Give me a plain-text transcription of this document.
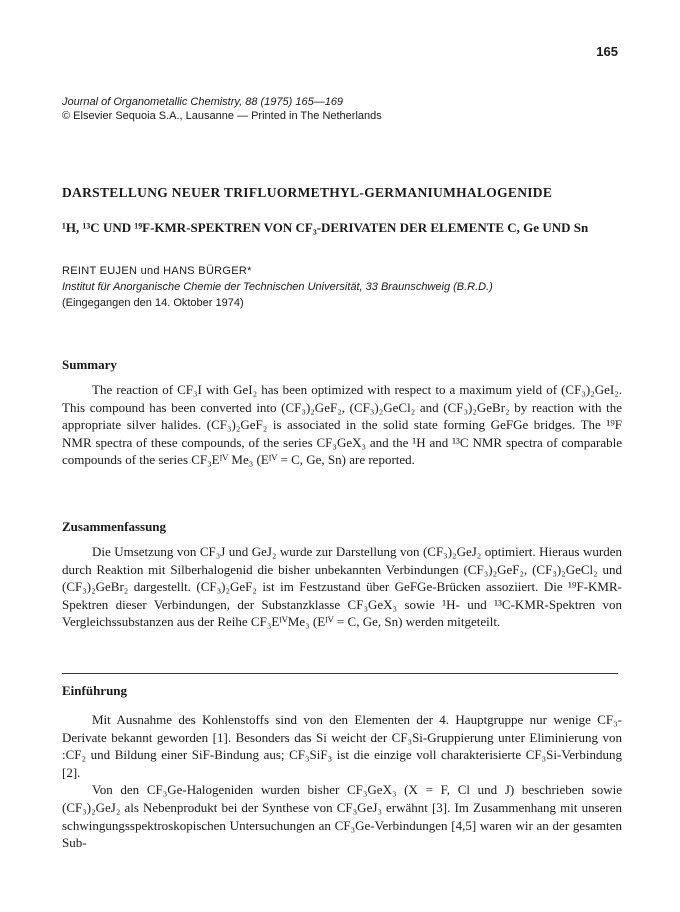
165
Journal of Organometallic Chemistry, 88 (1975) 165—169
© Elsevier Sequoia S.A., Lausanne — Printed in The Netherlands
DARSTELLUNG NEUER TRIFLUORMETHYL-GERMANIUMHALOGENIDE
¹H, ¹³C UND ¹⁹F-KMR-SPEKTREN VON CF₃-DERIVATEN DER ELEMENTE C, Ge UND Sn
REINT EUJEN und HANS BÜRGER*
Institut für Anorganische Chemie der Technischen Universität, 33 Braunschweig (B.R.D.)
(Eingegangen den 14. Oktober 1974)
Summary

The reaction of CF₃I with GeI₂ has been optimized with respect to a maximum yield of (CF₃)₂GeI₂. This compound has been converted into (CF₃)₂GeF₂, (CF₃)₂GeCl₂ and (CF₃)₂GeBr₂ by reaction with the appropriate silver halides. (CF₃)₂GeF₂ is associated in the solid state forming GeFGe bridges. The ¹⁹F NMR spectra of these compounds, of the series CF₃GeX₃ and the ¹H and ¹³C NMR spectra of comparable compounds of the series CF₃Eᴵⱽ Me₃ (Eᴵⱽ = C, Ge, Sn) are reported.

Zusammenfassung

Die Umsetzung von CF₃J und GeJ₂ wurde zur Darstellung von (CF₃)₂GeJ₂ optimiert. Hieraus wurden durch Reaktion mit Silberhalogenid die bisher unbekannten Verbindungen (CF₃)₂GeF₂, (CF₃)₂GeCl₂ und (CF₃)₂GeBr₂ dargestellt. (CF₃)₂GeF₂ ist im Festzustand über GeFGe-Brücken assoziiert. Die ¹⁹F-KMR-Spektren dieser Verbindungen, der Substanzklasse CF₃GeX₃ sowie ¹H- und ¹³C-KMR-Spektren von Vergleichssubstanzen aus der Reihe CF₃EᴵⱽMe₃ (Eᴵⱽ = C, Ge, Sn) werden mitgeteilt.

Einführung

Mit Ausnahme des Kohlenstoffs sind von den Elementen der 4. Hauptgruppe nur wenige CF₃-Derivate bekannt geworden [1]. Besonders das Si weicht der CF₃Si-Gruppierung unter Eliminierung von :CF₂ und Bildung einer SiF-Bindung aus; CF₃SiF₃ ist die einzige voll charakterisierte CF₃Si-Verbindung [2].

Von den CF₃Ge-Halogeniden wurden bisher CF₃GeX₃ (X = F, Cl und J) beschrieben sowie (CF₃)₂GeJ₂ als Nebenprodukt bei der Synthese von CF₃GeJ₃ erwähnt [3]. Im Zusammenhang mit unseren schwingungsspektroskopischen Untersuchungen an CF₃Ge-Verbindungen [4,5] waren wir an der gesamten Sub-
